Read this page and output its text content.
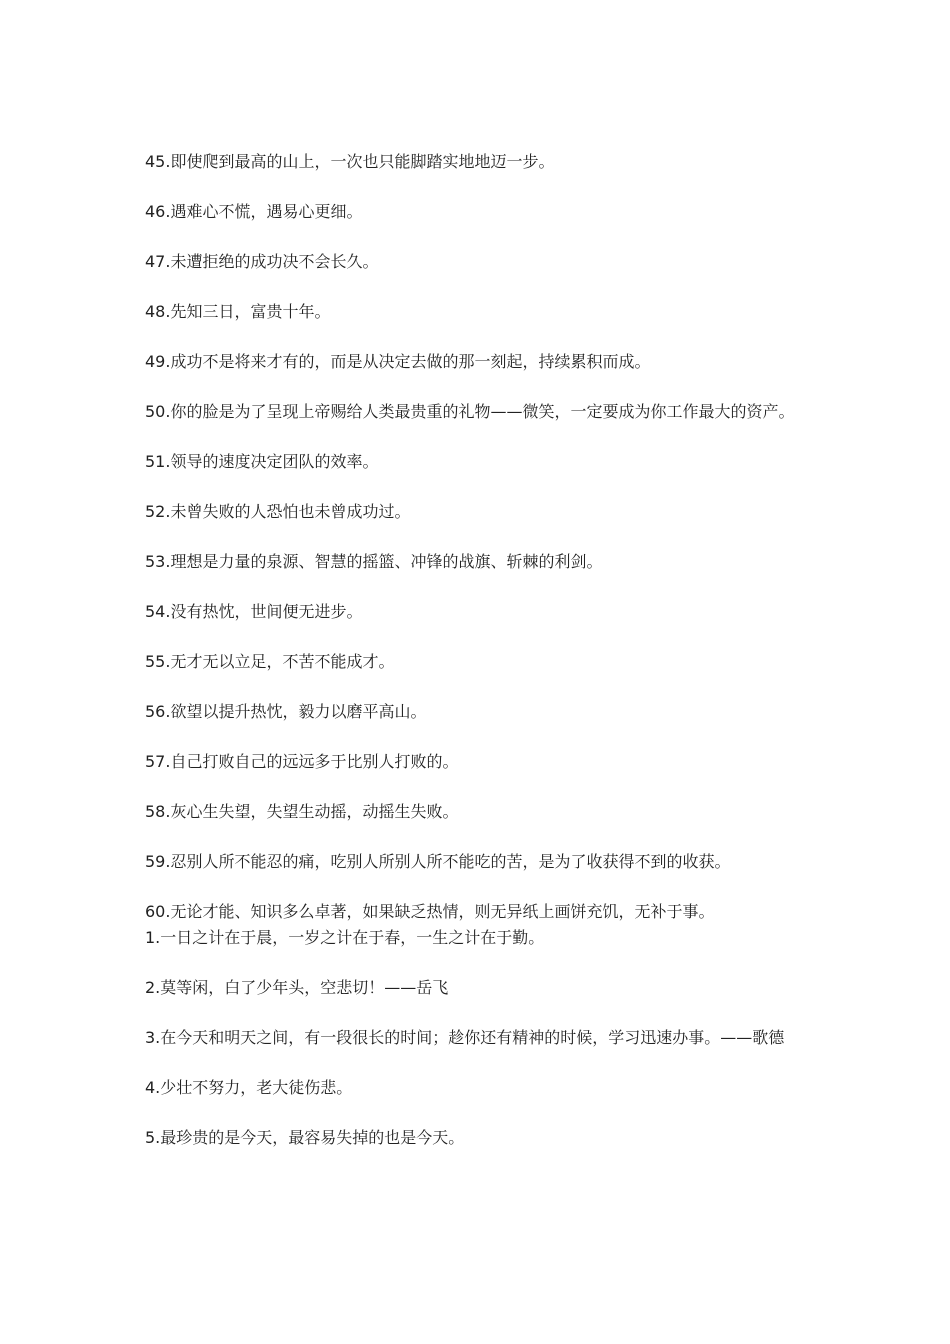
45.即使爬到最高的山上，一次也只能脚踏实地地迈一步。

46.遇难心不慌，遇易心更细。

47.未遭拒绝的成功决不会长久。

48.先知三日，富贵十年。

49.成功不是将来才有的，而是从决定去做的那一刻起，持续累积而成。

50.你的脸是为了呈现上帝赐给人类最贵重的礼物——微笑，一定要成为你工作最大的资产。

51.领导的速度决定团队的效率。

52.未曾失败的人恐怕也未曾成功过。

53.理想是力量的泉源、智慧的摇篮、冲锋的战旗、斩棘的利剑。

54.没有热忱，世间便无进步。

55.无才无以立足，不苦不能成才。

56.欲望以提升热忱，毅力以磨平高山。

57.自己打败自己的远远多于比别人打败的。

58.灰心生失望，失望生动摇，动摇生失败。

59.忍别人所不能忍的痛，吃别人所别人所不能吃的苦，是为了收获得不到的收获。

60.无论才能、知识多么卓著，如果缺乏热情，则无异纸上画饼充饥，无补于事。

1.一日之计在于晨，一岁之计在于春，一生之计在于勤。

2.莫等闲，白了少年头，空悲切！——岳飞

3.在今天和明天之间，有一段很长的时间；趁你还有精神的时候，学习迅速办事。——歌德

4.少壮不努力，老大徒伤悲。

5.最珍贵的是今天，最容易失掉的也是今天。
